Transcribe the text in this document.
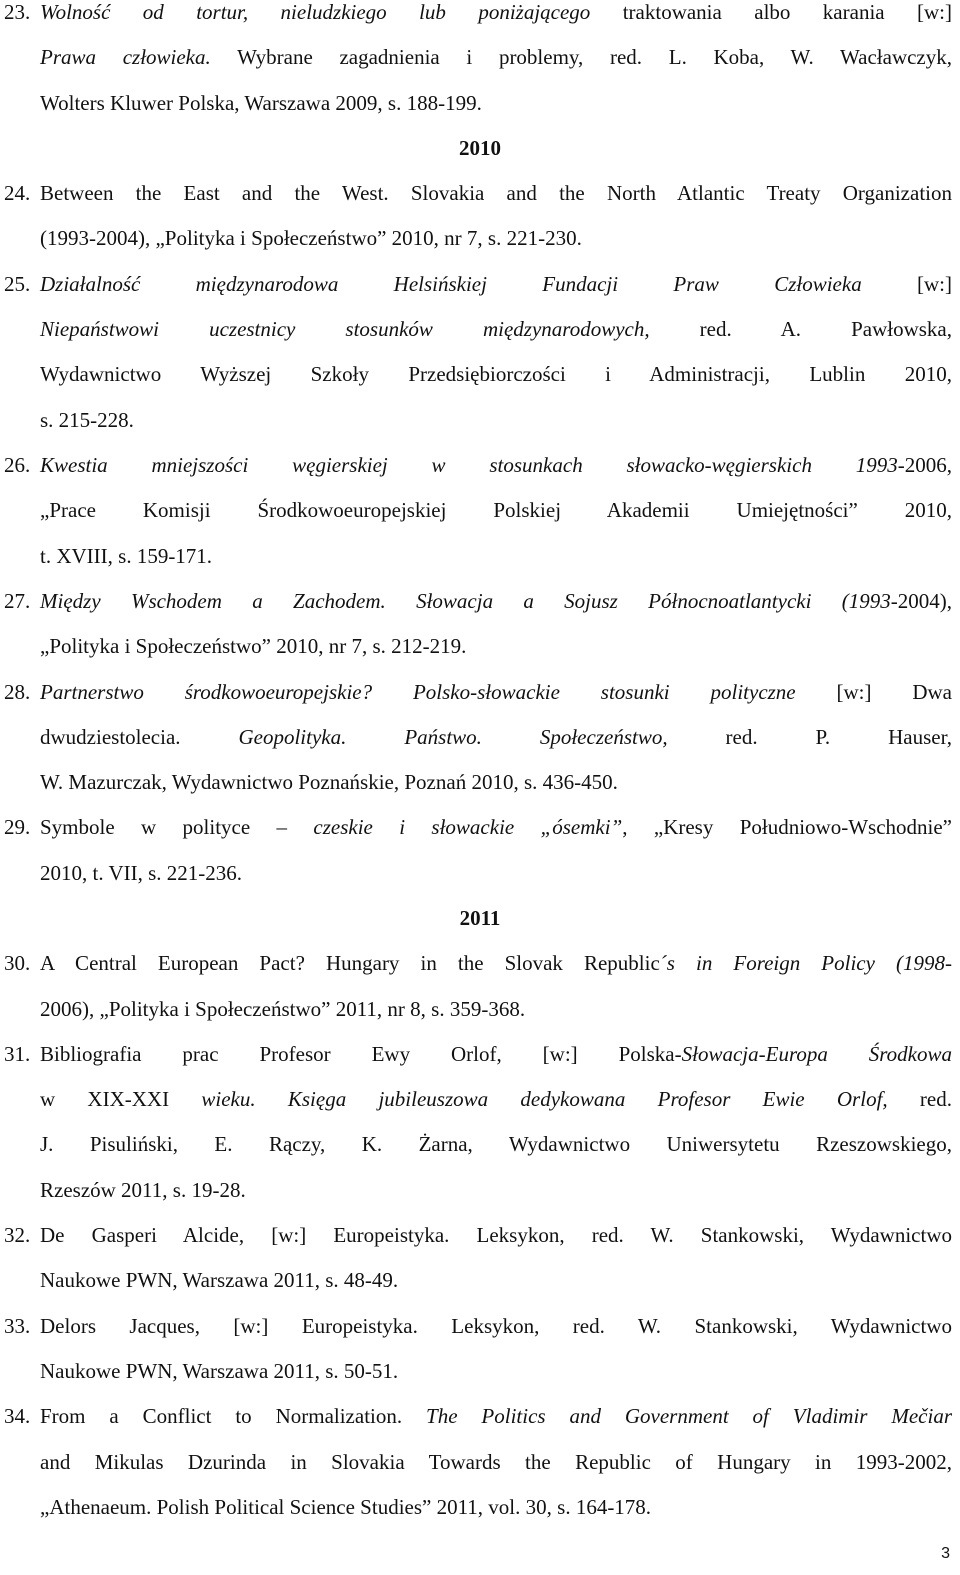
23. Wolność od tortur, nieludzkiego lub poniżającego traktowania albo karania [w:]
Prawa człowieka. Wybrane zagadnienia i problemy, red. L. Koba, W. Wacławczyk,
Wolters Kluwer Polska, Warszawa 2009, s. 188-199.
2010
24. Between the East and the West. Slovakia and the North Atlantic Treaty Organization
(1993-2004), „Polityka i Społeczeństwo” 2010, nr 7, s. 221-230.
25. Działalność międzynarodowa Helsińskiej Fundacji Praw Człowieka [w:]
Niepaństwowi uczestnicy stosunków międzynarodowych, red. A. Pawłowska,
Wydawnictwo Wyższej Szkoły Przedsiębiorczości i Administracji, Lublin 2010,
s. 215-228.
26. Kwestia mniejszości węgierskiej w stosunkach słowacko-węgierskich 1993-2006,
„Prace Komisji Środkowoeuropejskiej Polskiej Akademii Umiejętności” 2010,
t. XVIII, s. 159-171.
27. Między Wschodem a Zachodem. Słowacja a Sojusz Północnoatlantycki (1993-2004),
„Polityka i Społeczeństwo” 2010, nr 7, s. 212-219.
28. Partnerstwo środkowoeuropejskie? Polsko-słowackie stosunki polityczne [w:] Dwa
dwudziestolecia. Geopolityka. Państwo. Społeczeństwo, red. P. Hauser,
W. Mazurczak, Wydawnictwo Poznańskie, Poznań 2010, s. 436-450.
29. Symbole w polityce – czeskie i słowackie „ósemki”, „Kresy Południowo-Wschodnie”
2010, t. VII, s. 221-236.
2011
30. A Central European Pact? Hungary in the Slovak Republic´s in Foreign Policy (1998-
2006), „Polityka i Społeczeństwo” 2011, nr 8, s. 359-368.
31. Bibliografia prac Profesor Ewy Orlof, [w:] Polska-Słowacja-Europa Środkowa
w XIX-XXI wieku. Księga jubileuszowa dedykowana Profesor Ewie Orlof, red.
J. Pisuliński, E. Rączy, K. Żarna, Wydawnictwo Uniwersytetu Rzeszowskiego,
Rzeszów 2011, s. 19-28.
32. De Gasperi Alcide, [w:] Europeistyka. Leksykon, red. W. Stankowski, Wydawnictwo
Naukowe PWN, Warszawa 2011, s. 48-49.
33. Delors Jacques, [w:] Europeistyka. Leksykon, red. W. Stankowski, Wydawnictwo
Naukowe PWN, Warszawa 2011, s. 50-51.
34. From a Conflict to Normalization. The Politics and Government of Vladimir Mečiar
and Mikulas Dzurinda in Slovakia Towards the Republic of Hungary in 1993-2002,
„Athenaeum. Polish Political Science Studies” 2011, vol. 30, s. 164-178.
3
